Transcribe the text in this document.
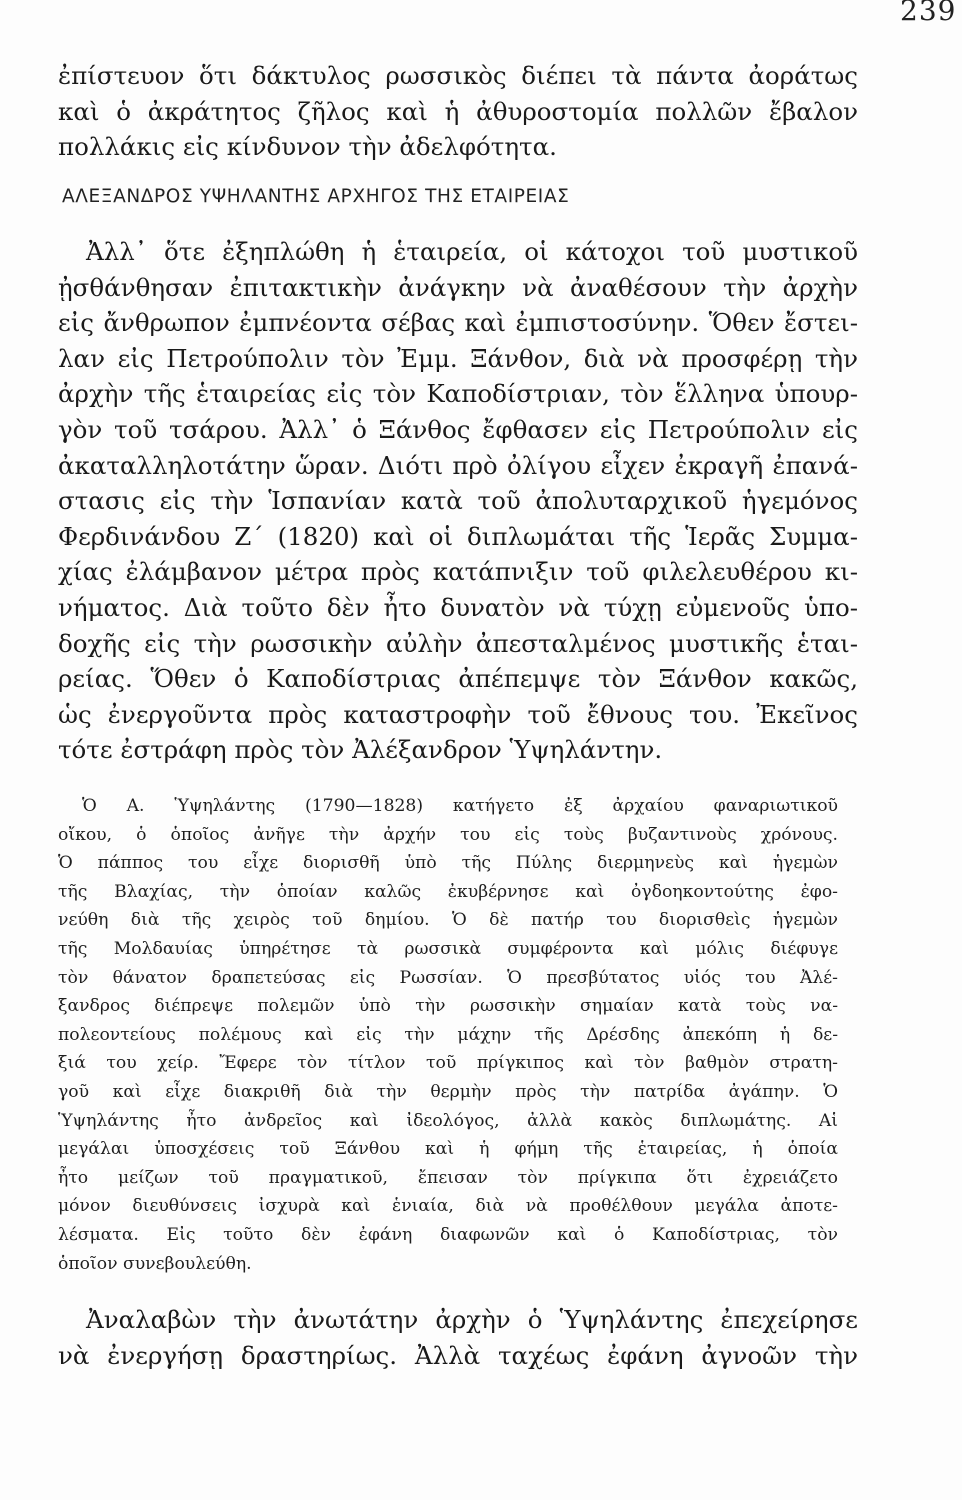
239
ἐπίστευον ὅτι δάκτυλος ρωσσικὸς διέπει τὰ πάντα ἀοράτως
καὶ ὁ ἀκράτητος ζῆλος καὶ ἡ ἀθυροστομία πολλῶν ἔβαλον
πολλάκις εἰς κίνδυνον τὴν ἀδελφότητα.
ΑΛΕΞΑΝΔΡΟΣ ΥΨΗΛΑΝΤΗΣ ΑΡΧΗΓΟΣ ΤΗΣ ΕΤΑΙΡΕΙΑΣ
Ἀλλ᾽ ὅτε ἐξηπλώθη ἡ ἑταιρεία, οἱ κάτοχοι τοῦ μυστικοῦ
ᾐσθάνθησαν ἐπιτακτικὴν ἀνάγκην νὰ ἀναθέσουν τὴν ἀρχὴν
εἰς ἄνθρωπον ἐμπνέοντα σέβας καὶ ἐμπιστοσύνην. Ὅθεν ἔστει-
λαν εἰς Πετρούπολιν τὸν Ἐμμ. Ξάνθον, διὰ νὰ προσφέρῃ τὴν
ἀρχὴν τῆς ἑταιρείας εἰς τὸν Καποδίστριαν, τὸν ἕλληνα ὑπουρ-
γὸν τοῦ τσάρου. Ἀλλ᾽ ὁ Ξάνθος ἔφθασεν εἰς Πετρούπολιν εἰς
ἀκαταλληλοτάτην ὥραν. Διότι πρὸ ὀλίγου εἶχεν ἐκραγῆ ἐπανά-
στασις εἰς τὴν Ἱσπανίαν κατὰ τοῦ ἀπολυταρχικοῦ ἡγεμόνος
Φερδινάνδου Ζ´ (1820) καὶ οἱ διπλωμάται τῆς Ἱερᾶς Συμμα-
χίας ἐλάμβανον μέτρα πρὸς κατάπνιξιν τοῦ φιλελευθέρου κι-
νήματος. Διὰ τοῦτο δὲν ἦτο δυνατὸν νὰ τύχῃ εὐμενοῦς ὑπο-
δοχῆς εἰς τὴν ρωσσικὴν αὐλὴν ἀπεσταλμένος μυστικῆς ἑται-
ρείας. Ὅθεν ὁ Καποδίστριας ἀπέπεμψε τὸν Ξάνθον κακῶς,
ὡς ἐνεργοῦντα πρὸς καταστροφὴν τοῦ ἔθνους του. Ἐκεῖνος
τότε ἐστράφη πρὸς τὸν Ἀλέξανδρον Ὑψηλάντην.
Ὁ Α. Ὑψηλάντης (1790—1828) κατήγετο ἐξ ἀρχαίου φαναριωτικοῦ
οἴκου, ὁ ὁποῖος ἀνῆγε τὴν ἀρχήν του εἰς τοὺς βυζαντινοὺς χρόνους.
Ὁ πάππος του εἶχε διορισθῆ ὑπὸ τῆς Πύλης διερμηνεὺς καὶ ἡγεμὼν
τῆς Βλαχίας, τὴν ὁποίαν καλῶς ἐκυβέρνησε καὶ ὀγδοηκοντούτης ἐφο-
νεύθη διὰ τῆς χειρὸς τοῦ δημίου. Ὁ δὲ πατήρ του διορισθεὶς ἡγεμὼν
τῆς Μολδαυίας ὑπηρέτησε τὰ ρωσσικὰ συμφέροντα καὶ μόλις διέφυγε
τὸν θάνατον δραπετεύσας εἰς Ρωσσίαν. Ὁ πρεσβύτατος υἱός του Ἀλέ-
ξανδρος διέπρεψε πολεμῶν ὑπὸ τὴν ρωσσικὴν σημαίαν κατὰ τοὺς να-
πολεοντείους πολέμους καὶ εἰς τὴν μάχην τῆς Δρέσδης ἀπεκόπη ἡ δε-
ξιά του χείρ. Ἔφερε τὸν τίτλον τοῦ πρίγκιπος καὶ τὸν βαθμὸν στρατη-
γοῦ καὶ εἶχε διακριθῆ διὰ τὴν θερμὴν πρὸς τὴν πατρίδα ἀγάπην. Ὁ
Ὑψηλάντης ἦτο ἀνδρεῖος καὶ ἰδεολόγος, ἀλλὰ κακὸς διπλωμάτης. Αἱ
μεγάλαι ὑποσχέσεις τοῦ Ξάνθου καὶ ἡ φήμη τῆς ἑταιρείας, ἡ ὁποία
ἦτο μείζων τοῦ πραγματικοῦ, ἔπεισαν τὸν πρίγκιπα ὅτι ἐχρειάζετο
μόνον διευθύνσεις ἰσχυρὰ καὶ ἑνιαία, διὰ νὰ προθέλθουν μεγάλα ἀποτε-
λέσματα. Εἰς τοῦτο δὲν ἐφάνη διαφωνῶν καὶ ὁ Καποδίστριας, τὸν
ὁποῖον συνεβουλεύθη.
Ἀναλαβὼν τὴν ἀνωτάτην ἀρχὴν ὁ Ὑψηλάντης ἐπεχείρησε
νὰ ἐνεργήσῃ δραστηρίως. Ἀλλὰ ταχέως ἐφάνη ἀγνοῶν τὴν
